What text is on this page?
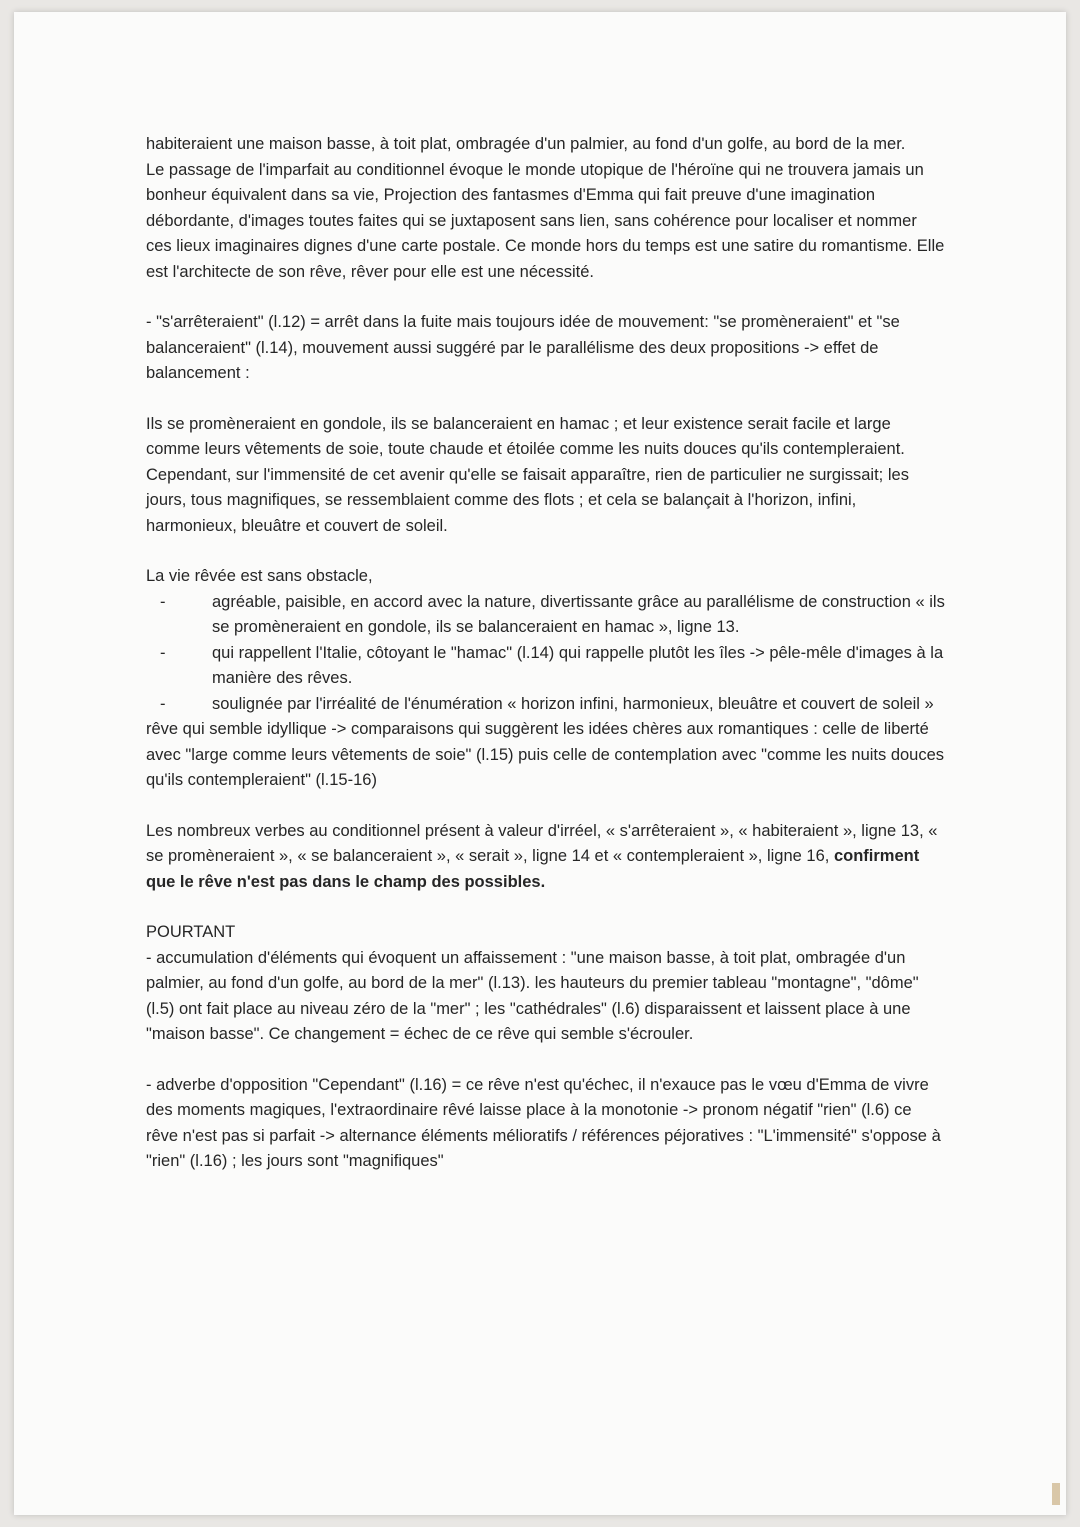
habiteraient une maison basse, à toit plat, ombragée d'un palmier, au fond d'un golfe, au bord de la mer.

Le passage de l'imparfait au conditionnel évoque le monde utopique de l'héroïne qui ne trouvera jamais un bonheur équivalent dans sa vie, Projection des fantasmes d'Emma qui fait preuve d'une imagination débordante, d'images toutes faites qui se juxtaposent sans lien, sans cohérence pour localiser et nommer ces lieux imaginaires dignes d'une carte postale. Ce monde hors du temps est une satire du romantisme. Elle est l'architecte de son rêve, rêver pour elle est une nécessité.

- "s'arrêteraient" (l.12) = arrêt dans la fuite mais toujours idée de mouvement: "se promèneraient" et "se balanceraient" (l.14), mouvement aussi suggéré par le parallélisme des deux propositions -> effet de balancement :

Ils se promèneraient en gondole, ils se balanceraient en hamac ; et leur existence serait facile et large comme leurs vêtements de soie, toute chaude et étoilée comme les nuits douces qu'ils contempleraient. Cependant, sur l'immensité de cet avenir qu'elle se faisait apparaître, rien de particulier ne surgissait; les jours, tous magnifiques, se ressemblaient comme des flots ; et cela se balançait à l'horizon, infini, harmonieux, bleuâtre et couvert de soleil.

La vie rêvée est sans obstacle,

-	agréable, paisible, en accord avec la nature, divertissante grâce au parallélisme de construction « ils se promèneraient en gondole, ils se balanceraient en hamac », ligne 13.
-	qui rappellent l'Italie, côtoyant le "hamac" (l.14) qui rappelle plutôt les îles -> pêle-mêle d'images à la manière des rêves.
-	soulignée par l'irréalité de l'énumération « horizon infini, harmonieux, bleuâtre et couvert de soleil »

rêve qui semble idyllique -> comparaisons qui suggèrent les idées chères aux romantiques : celle de liberté avec "large comme leurs vêtements de soie" (l.15) puis celle de contemplation avec "comme les nuits douces qu'ils contempleraient" (l.15-16)

Les nombreux verbes au conditionnel présent à valeur d'irréel, « s'arrêteraient », « habiteraient », ligne 13, « se promèneraient », « se balanceraient », « serait », ligne 14 et « contempleraient », ligne 16, confirment que le rêve n'est pas dans le champ des possibles.

POURTANT

- accumulation d'éléments qui évoquent un affaissement : "une maison basse, à toit plat, ombragée d'un palmier, au fond d'un golfe, au bord de la mer" (l.13). les hauteurs du premier tableau "montagne", "dôme" (l.5) ont fait place au niveau zéro de la "mer" ; les "cathédrales" (l.6) disparaissent et laissent place à une "maison basse". Ce changement = échec de ce rêve qui semble s'écrouler.

- adverbe d'opposition "Cependant" (l.16) = ce rêve n'est qu'échec, il n'exauce pas le vœu d'Emma de vivre des moments magiques, l'extraordinaire rêvé laisse place à la monotonie -> pronom négatif "rien" (l.6) ce rêve n'est pas si parfait -> alternance éléments mélioratifs / références péjoratives : "L'immensité" s'oppose à "rien" (l.16) ; les jours sont "magnifiques"
